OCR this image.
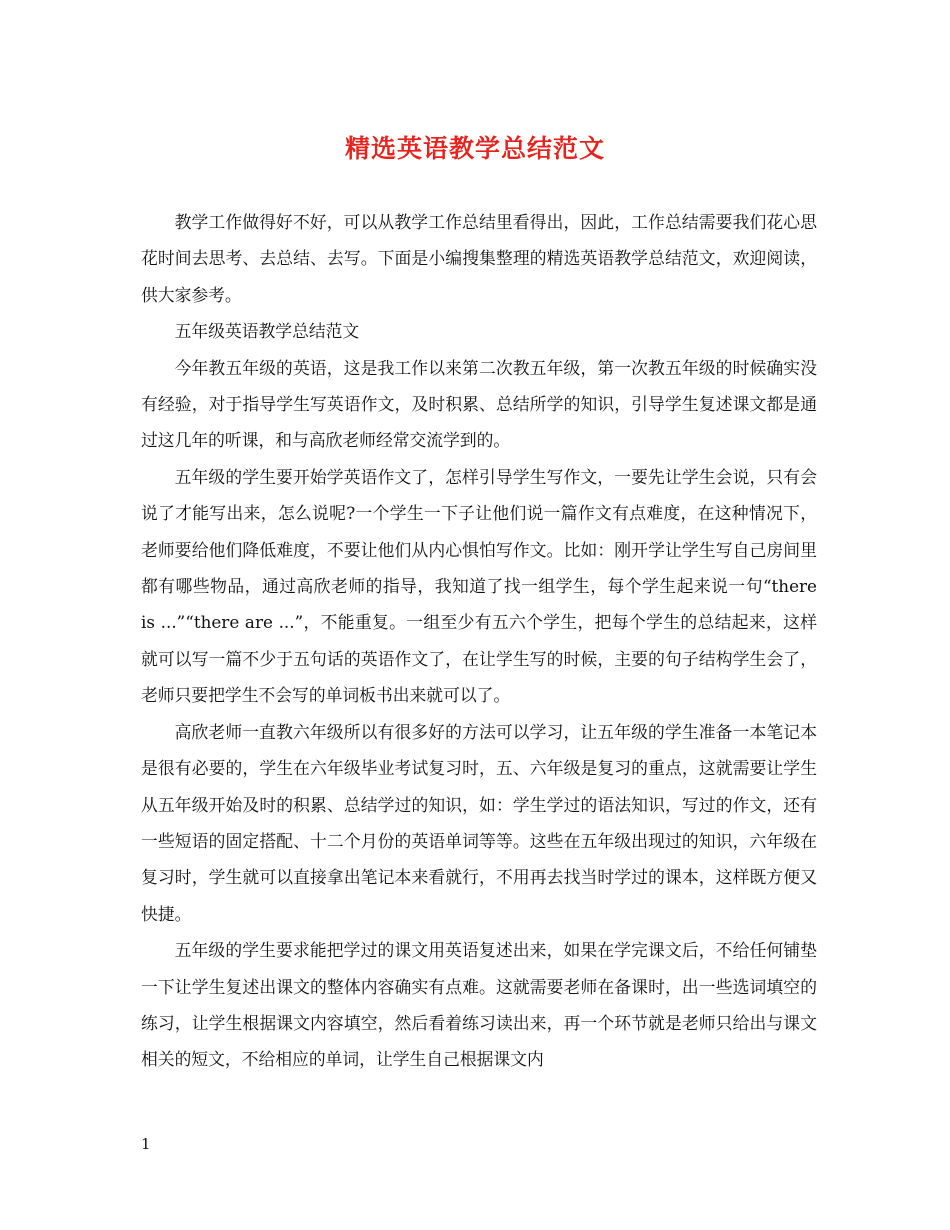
精选英语教学总结范文

教学工作做得好不好，可以从教学工作总结里看得出，因此，工作总结需要我们花心思花时间去思考、去总结、去写。下面是小编搜集整理的精选英语教学总结范文，欢迎阅读，供大家参考。

五年级英语教学总结范文

今年教五年级的英语，这是我工作以来第二次教五年级，第一次教五年级的时候确实没有经验，对于指导学生写英语作文，及时积累、总结所学的知识，引导学生复述课文都是通过这几年的听课，和与高欣老师经常交流学到的。

五年级的学生要开始学英语作文了，怎样引导学生写作文，一要先让学生会说，只有会说了才能写出来，怎么说呢?一个学生一下子让他们说一篇作文有点难度，在这种情况下，老师要给他们降低难度，不要让他们从内心惧怕写作文。比如：刚开学让学生写自己房间里都有哪些物品，通过高欣老师的指导，我知道了找一组学生，每个学生起来说一句“there is ...”“there are ...”，不能重复。一组至少有五六个学生，把每个学生的总结起来，这样就可以写一篇不少于五句话的英语作文了，在让学生写的时候，主要的句子结构学生会了，老师只要把学生不会写的单词板书出来就可以了。

高欣老师一直教六年级所以有很多好的方法可以学习，让五年级的学生准备一本笔记本是很有必要的，学生在六年级毕业考试复习时，五、六年级是复习的重点，这就需要让学生从五年级开始及时的积累、总结学过的知识，如：学生学过的语法知识，写过的作文，还有一些短语的固定搭配、十二个月份的英语单词等等。这些在五年级出现过的知识，六年级在复习时，学生就可以直接拿出笔记本来看就行，不用再去找当时学过的课本，这样既方便又快捷。

五年级的学生要求能把学过的课文用英语复述出来，如果在学完课文后，不给任何铺垫一下让学生复述出课文的整体内容确实有点难。这就需要老师在备课时，出一些选词填空的练习，让学生根据课文内容填空，然后看着练习读出来，再一个环节就是老师只给出与课文相关的短文，不给相应的单词，让学生自己根据课文内

1
